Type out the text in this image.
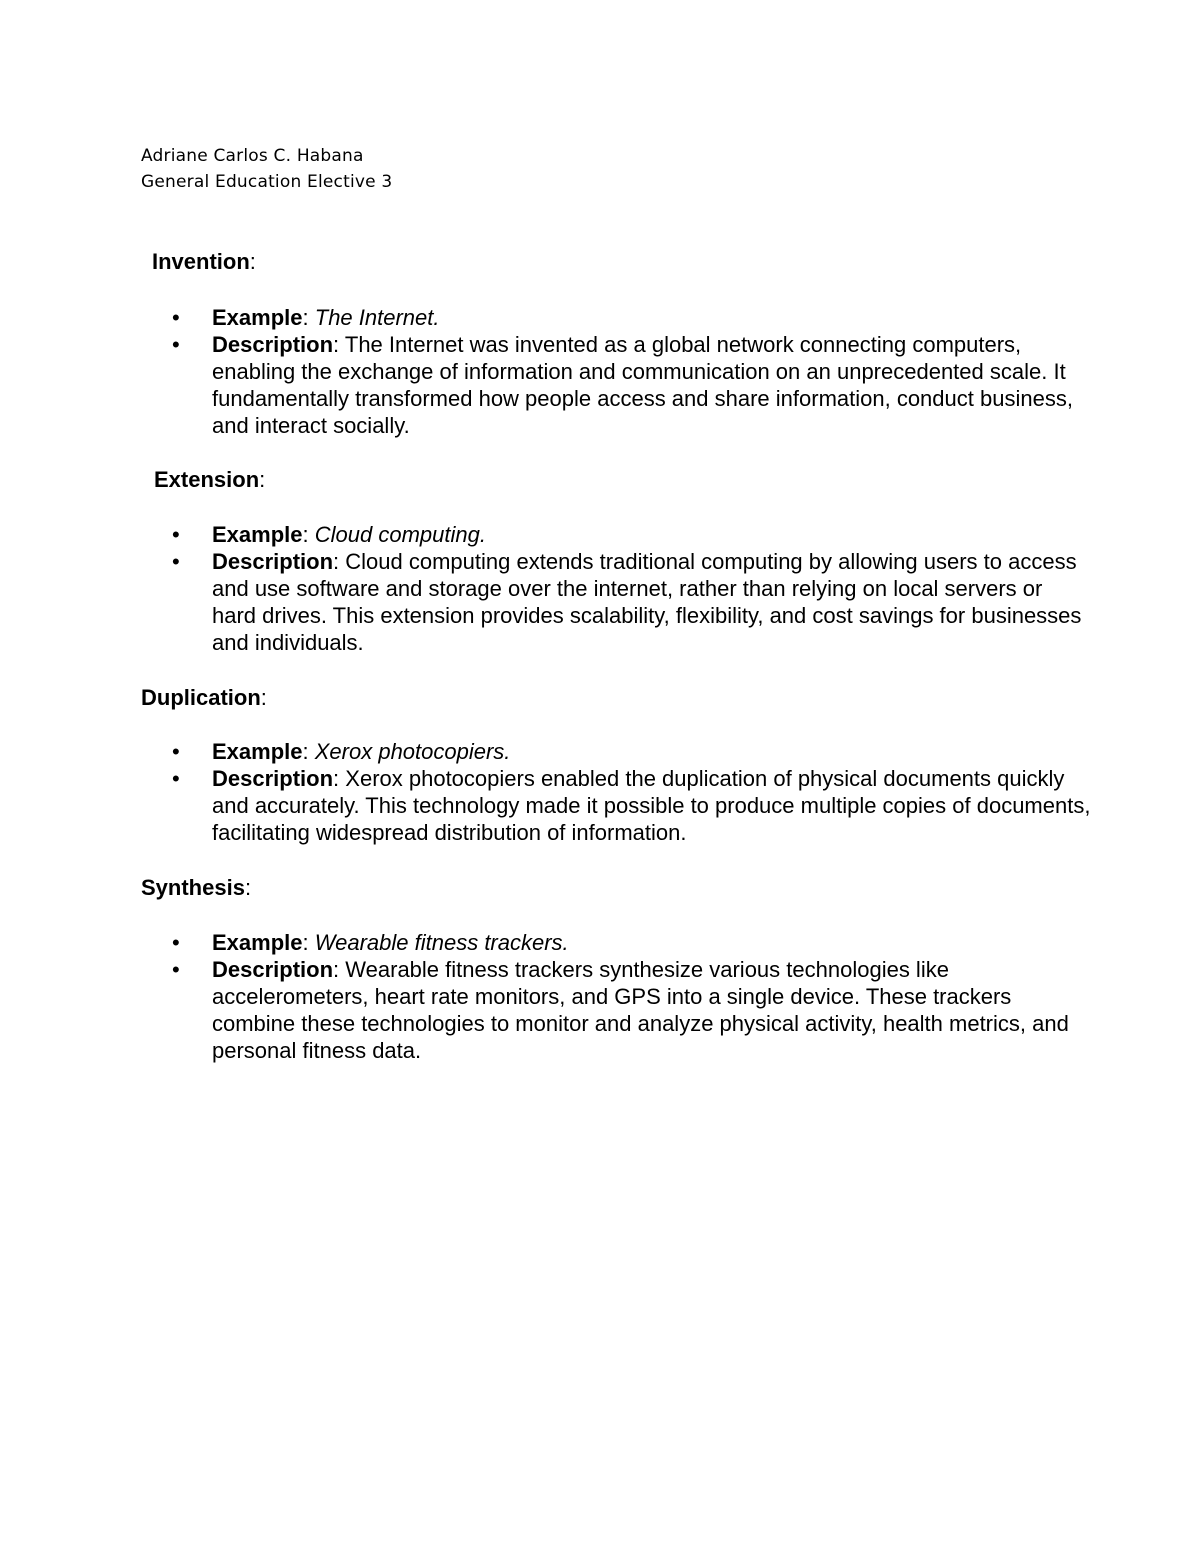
Adriane Carlos C. Habana
General Education Elective 3
Invention:
• Example: The Internet.
• Description: The Internet was invented as a global network connecting computers, enabling the exchange of information and communication on an unprecedented scale. It fundamentally transformed how people access and share information, conduct business, and interact socially.
Extension:
• Example: Cloud computing.
• Description: Cloud computing extends traditional computing by allowing users to access and use software and storage over the internet, rather than relying on local servers or hard drives. This extension provides scalability, flexibility, and cost savings for businesses and individuals.
Duplication:
• Example: Xerox photocopiers.
• Description: Xerox photocopiers enabled the duplication of physical documents quickly and accurately. This technology made it possible to produce multiple copies of documents, facilitating widespread distribution of information.
Synthesis:
• Example: Wearable fitness trackers.
• Description: Wearable fitness trackers synthesize various technologies like accelerometers, heart rate monitors, and GPS into a single device. These trackers combine these technologies to monitor and analyze physical activity, health metrics, and personal fitness data.
